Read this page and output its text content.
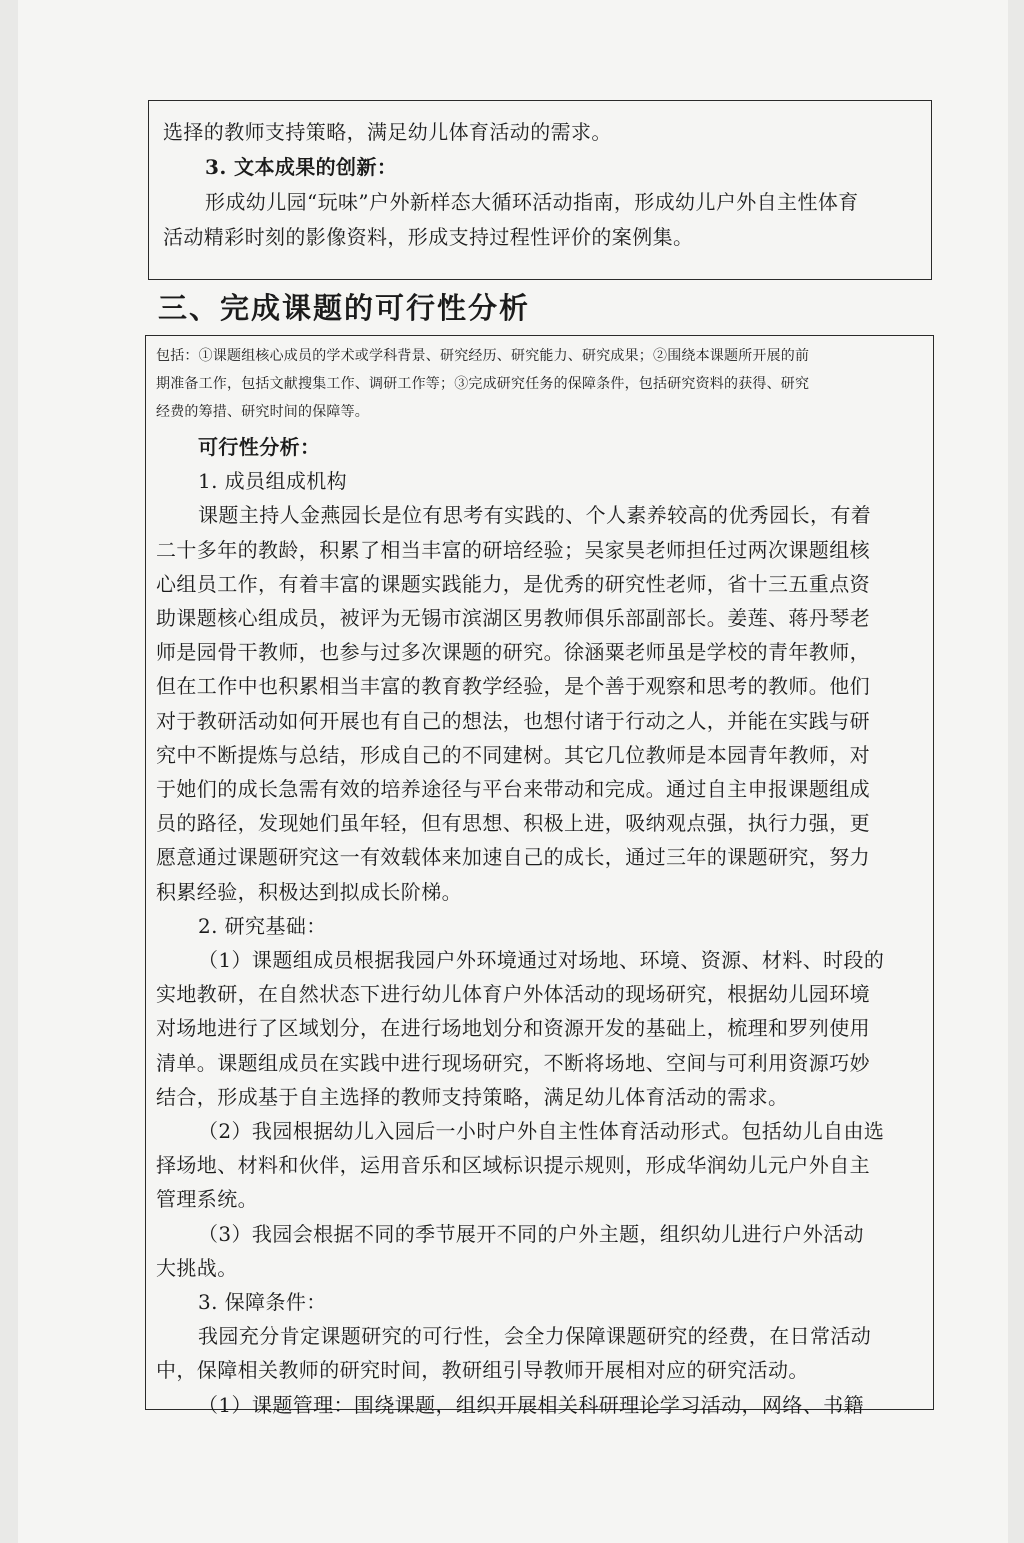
选择的教师支持策略，满足幼儿体育活动的需求。
3. 文本成果的创新：
形成幼儿园“玩味”户外新样态大循环活动指南，形成幼儿户外自主性体育
活动精彩时刻的影像资料，形成支持过程性评价的案例集。
三、完成课题的可行性分析
包括：①课题组核心成员的学术或学科背景、研究经历、研究能力、研究成果；②围绕本课题所开展的前
期准备工作，包括文献搜集工作、调研工作等；③完成研究任务的保障条件，包括研究资料的获得、研究
经费的筹措、研究时间的保障等。
可行性分析：
1. 成员组成机构
课题主持人金燕园长是位有思考有实践的、个人素养较高的优秀园长，有着
二十多年的教龄，积累了相当丰富的研培经验；吴家昊老师担任过两次课题组核
心组员工作，有着丰富的课题实践能力，是优秀的研究性老师，省十三五重点资
助课题核心组成员，被评为无锡市滨湖区男教师俱乐部副部长。姜莲、蒋丹琴老
师是园骨干教师，也参与过多次课题的研究。徐涵粟老师虽是学校的青年教师，
但在工作中也积累相当丰富的教育教学经验，是个善于观察和思考的教师。他们
对于教研活动如何开展也有自己的想法，也想付诸于行动之人，并能在实践与研
究中不断提炼与总结，形成自己的不同建树。其它几位教师是本园青年教师，对
于她们的成长急需有效的培养途径与平台来带动和完成。通过自主申报课题组成
员的路径，发现她们虽年轻，但有思想、积极上进，吸纳观点强，执行力强，更
愿意通过课题研究这一有效载体来加速自己的成长，通过三年的课题研究，努力
积累经验，积极达到拟成长阶梯。
2. 研究基础：
（1）课题组成员根据我园户外环境通过对场地、环境、资源、材料、时段的
实地教研，在自然状态下进行幼儿体育户外体活动的现场研究，根据幼儿园环境
对场地进行了区域划分，在进行场地划分和资源开发的基础上，梳理和罗列使用
清单。课题组成员在实践中进行现场研究，不断将场地、空间与可利用资源巧妙
结合，形成基于自主选择的教师支持策略，满足幼儿体育活动的需求。
（2）我园根据幼儿入园后一小时户外自主性体育活动形式。包括幼儿自由选
择场地、材料和伙伴，运用音乐和区域标识提示规则，形成华润幼儿元户外自主
管理系统。
（3）我园会根据不同的季节展开不同的户外主题，组织幼儿进行户外活动
大挑战。
3. 保障条件：
我园充分肯定课题研究的可行性，会全力保障课题研究的经费，在日常活动
中，保障相关教师的研究时间，教研组引导教师开展相对应的研究活动。
（1）课题管理：围绕课题，组织开展相关科研理论学习活动，网络、书籍
